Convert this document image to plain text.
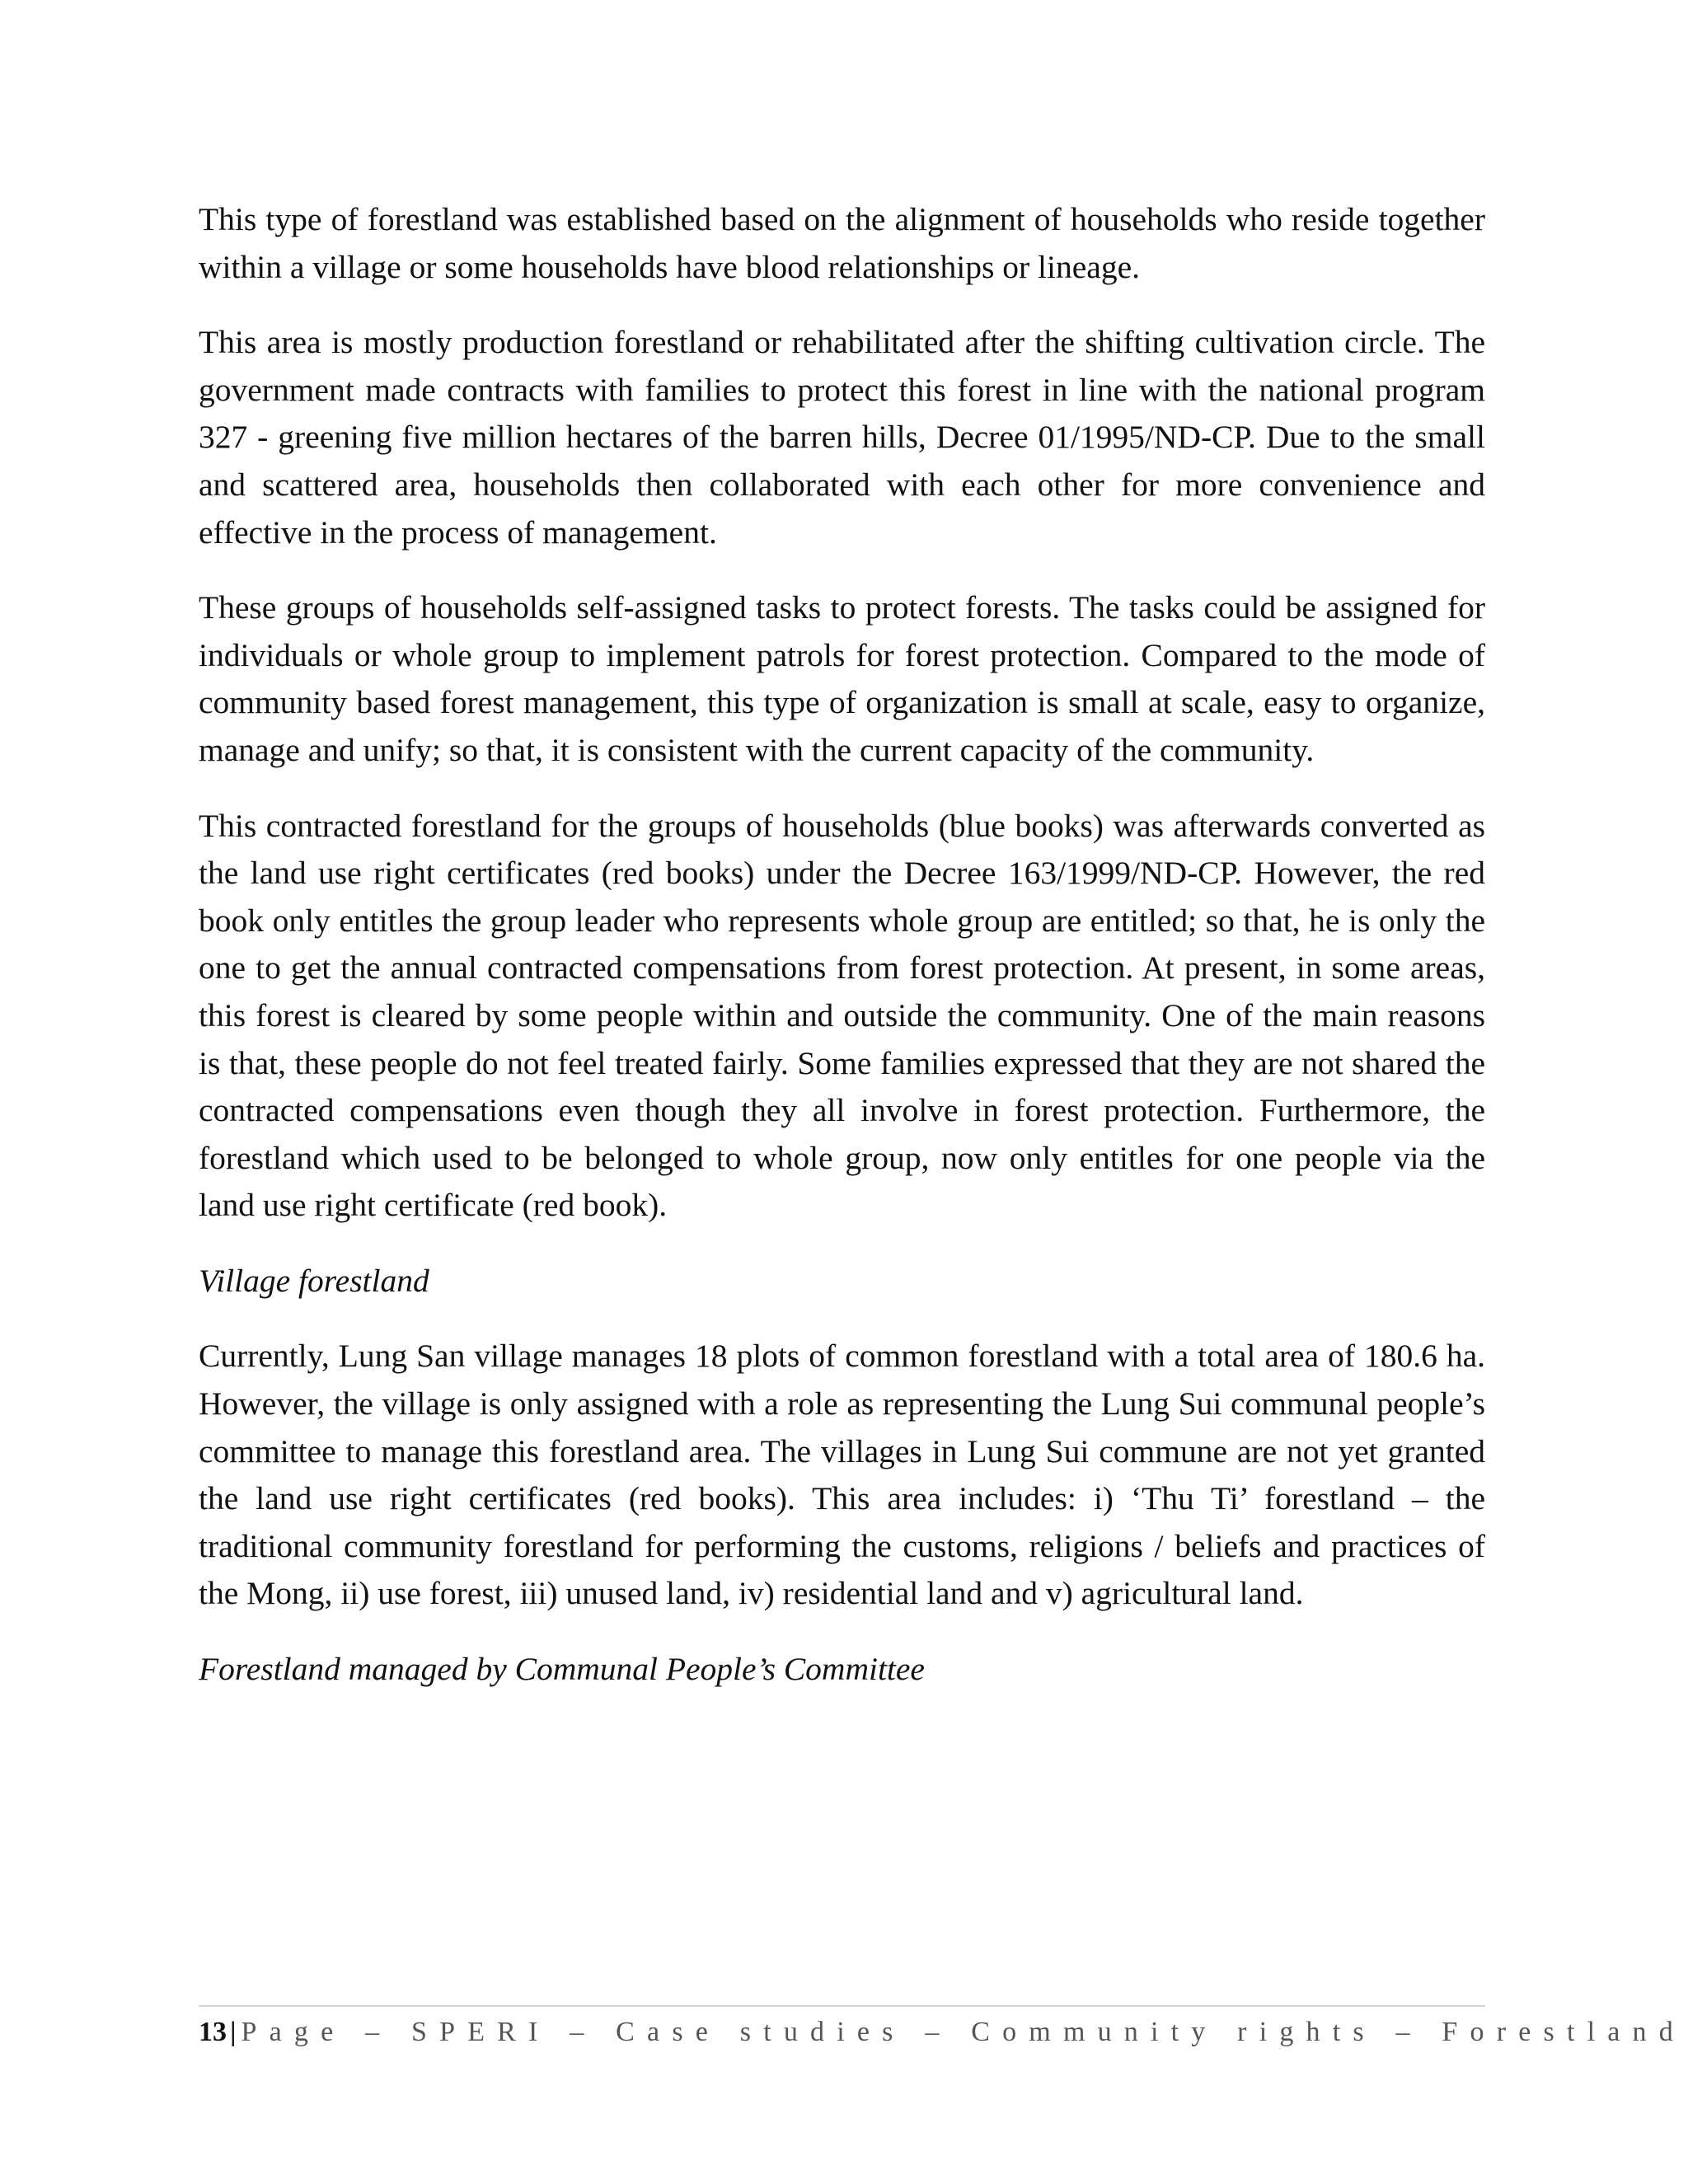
This type of forestland was established based on the alignment of households who reside together within a village or some households have blood relationships or lineage.

This area is mostly production forestland or rehabilitated after the shifting cultivation circle. The government made contracts with families to protect this forest in line with the national program 327 - greening five million hectares of the barren hills, Decree 01/1995/ND-CP. Due to the small and scattered area, households then collaborated with each other for more convenience and effective in the process of management.

These groups of households self-assigned tasks to protect forests. The tasks could be assigned for individuals or whole group to implement patrols for forest protection. Compared to the mode of community based forest management, this type of organization is small at scale, easy to organize, manage and unify; so that, it is consistent with the current capacity of the community.

This contracted forestland for the groups of households (blue books) was afterwards converted as the land use right certificates (red books) under the Decree 163/1999/ND-CP. However, the red book only entitles the group leader who represents whole group are entitled; so that, he is only the one to get the annual contracted compensations from forest protection. At present, in some areas, this forest is cleared by some people within and outside the community. One of the main reasons is that, these people do not feel treated fairly. Some families expressed that they are not shared the contracted compensations even though they all involve in forest protection. Furthermore, the forestland which used to be belonged to whole group, now only entitles for one people via the land use right certificate (red book).

Village forestland

Currently, Lung San village manages 18 plots of common forestland with a total area of 180.6 ha. However, the village is only assigned with a role as representing the Lung Sui communal people’s committee to manage this forestland area. The villages in Lung Sui commune are not yet granted the land use right certificates (red books). This area includes: i) ‘Thu Ti’ forestland – the traditional community forestland for performing the customs, religions / beliefs and practices of the Mong, ii) use forest, iii) unused land, iv) residential land and v) agricultural land.

Forestland managed by Communal People’s Committee

13 | Page – SPERI – Case studies – Community rights – Forestland
